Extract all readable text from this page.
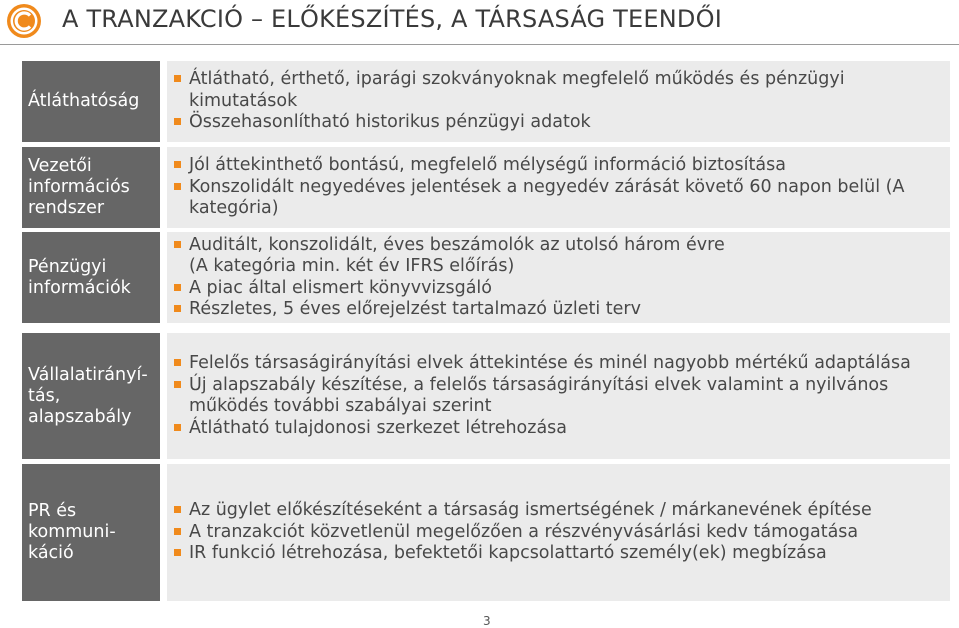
A TRANZAKCIÓ – ELŐKÉSZÍTÉS, A TÁRSASÁG TEENDŐI
Átláthatóság
Átlátható, érthető, iparági szokványoknak megfelelő működés és pénzügyi kimutatások
Összehasonlítható historikus pénzügyi adatok
Vezetői
információs
rendszer
Jól áttekinthető bontású, megfelelő mélységű információ biztosítása
Konszolidált negyedéves jelentések a negyedév zárását követő 60 napon belül (A kategória)
Pénzügyi
információk
Auditált, konszolidált, éves beszámolók az utolsó három évre
(A kategória min. két év IFRS előírás)
A piac által elismert könyvvizsgáló
Részletes, 5 éves előrejelzést tartalmazó üzleti terv
Vállalatirányí-
tás,
alapszabály
Felelős társaságirányítási elvek áttekintése és minél nagyobb mértékű adaptálása
Új alapszabály készítése, a felelős társaságirányítási elvek valamint a nyilvános működés további szabályai szerint
Átlátható tulajdonosi szerkezet létrehozása
PR és
kommuni-
káció
Az ügylet előkészítéseként a társaság ismertségének / márkanevének építése
A tranzakciót közvetlenül megelőzően a részvényvásárlási kedv támogatása
IR funkció létrehozása, befektetői kapcsolattartó személy(ek) megbízása
3
